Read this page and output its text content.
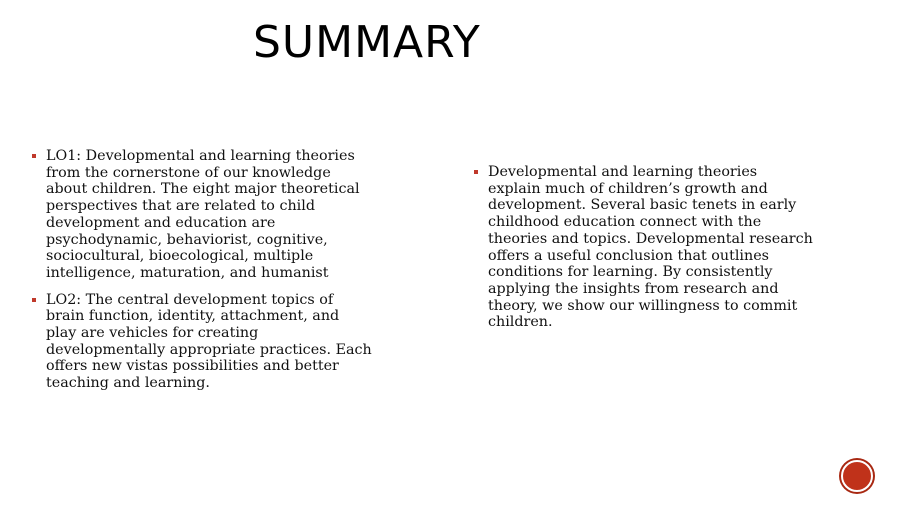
SUMMARY
LO1: Developmental and learning theories from the cornerstone of our knowledge about children. The eight major theoretical perspectives that are related to child development and education are psychodynamic, behaviorist, cognitive, sociocultural, bioecological, multiple intelligence, maturation, and humanist
LO2: The central development topics of brain function, identity, attachment, and play are vehicles for creating developmentally appropriate practices. Each offers new vistas possibilities and better teaching and learning.
Developmental and learning theories explain much of children’s growth and development. Several basic tenets in early childhood education connect with the theories and topics. Developmental research offers a useful conclusion that outlines conditions for learning. By consistently applying the insights from research and theory, we show our willingness to commit children.
